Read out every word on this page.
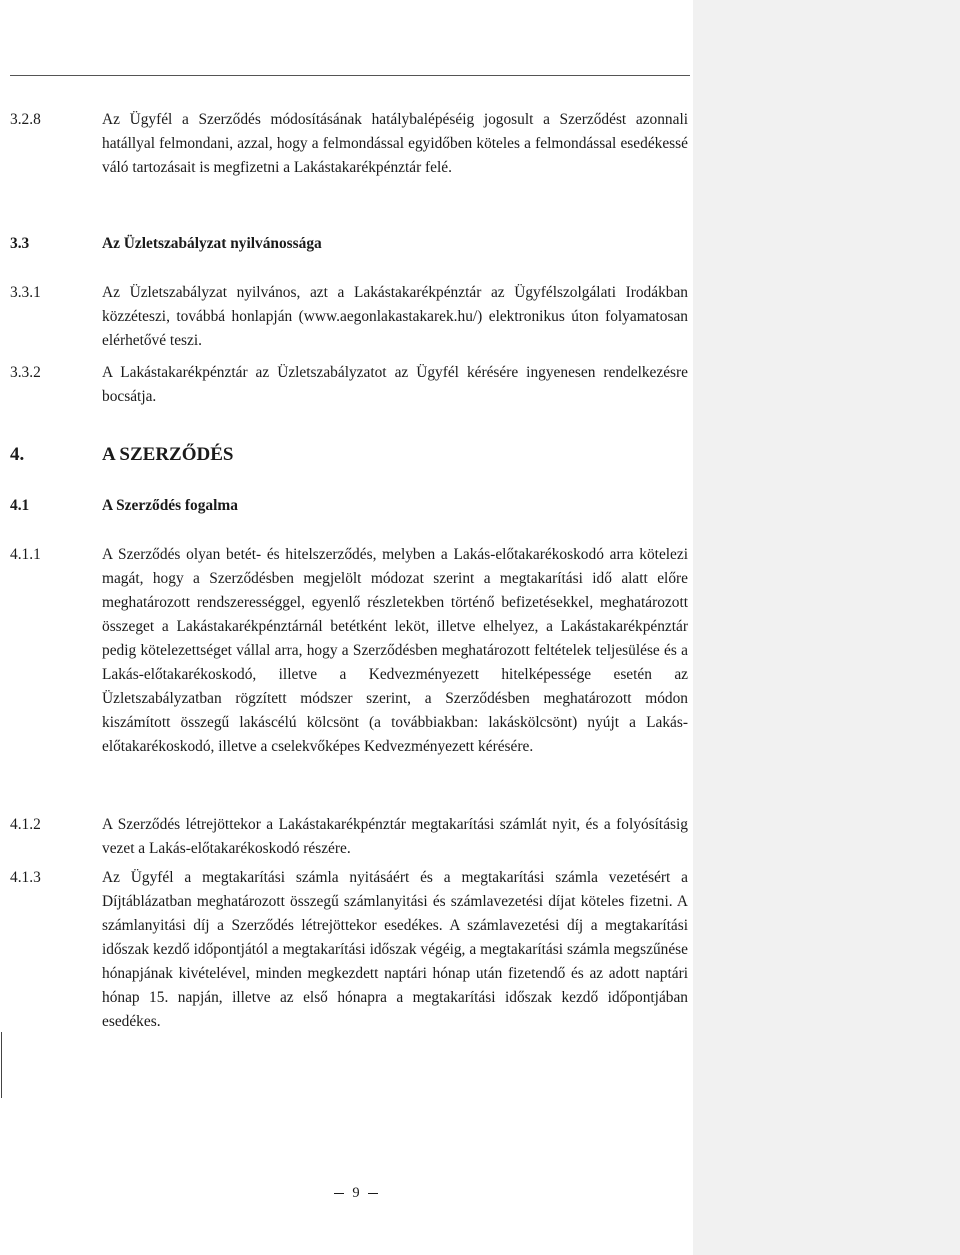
3.2.8	Az Ügyfél a Szerződés módosításának hatálybalépéséig jogosult a Szerződést azonnali hatállyal felmondani, azzal, hogy a felmondással egyidőben köteles a felmondással esedékessé váló tartozásait is megfizetni a Lakástakarékpénztár felé.
3.3	Az Üzletszabályzat nyilvánossága
3.3.1	Az Üzletszabályzat nyilvános, azt a Lakástakarékpénztár az Ügyfélszolgálati Irodákban közzéteszi, továbbá honlapján (www.aegonlakastakarek.hu/) elektronikus úton folyamatosan elérhetővé teszi.
3.3.2	A Lakástakarékpénztár az Üzletszabályzatot az Ügyfél kérésére ingyenesen rendelkezésre bocsátja.
4.	A SZERZŐDÉS
4.1	A Szerződés fogalma
4.1.1	A Szerződés olyan betét- és hitelszerződés, melyben a Lakás-előtakarékoskodó arra kötelezi magát, hogy a Szerződésben megjelölt módozat szerint a megtakarítási idő alatt előre meghatározott rendszerességgel, egyenlő részletekben történő befizetésekkel, meghatározott összeget a Lakástakarékpénztárnál betétként leköt, illetve elhelyez, a Lakástakarékpénztár pedig kötelezettséget vállal arra, hogy a Szerződésben meghatározott feltételek teljesülése és a Lakás-előtakarékoskodó, illetve a Kedvezményezett hitelképessége esetén az Üzletszabályzatban rögzített módszer szerint, a Szerződésben meghatározott módon kiszámított összegű lakáscélú kölcsönt (a továbbiakban: lakáskölcsönt) nyújt a Lakás-előtakarékoskodó, illetve a cselekvőképes Kedvezményezett kérésére.
4.1.2	A Szerződés létrejöttekor a Lakástakarékpénztár megtakarítási számlát nyit, és a folyósításig vezet a Lakás-előtakarékoskodó részére.
4.1.3	Az Ügyfél a megtakarítási számla nyitásáért és a megtakarítási számla vezetésért a Díjtáblázatban meghatározott összegű számlanyitási és számlavezetési díjat köteles fizetni. A számlanyitási díj a Szerződés létrejöttekor esedékes. A számlavezetési díj a megtakarítási időszak kezdő időpontjától a megtakarítási időszak végéig, a megtakarítási számla megszűnése hónapjának kivételével, minden megkezdett naptári hónap után fizetendő és az adott naptári hónap 15. napján, illetve az első hónapra a megtakarítási időszak kezdő időpontjában esedékes.
9
